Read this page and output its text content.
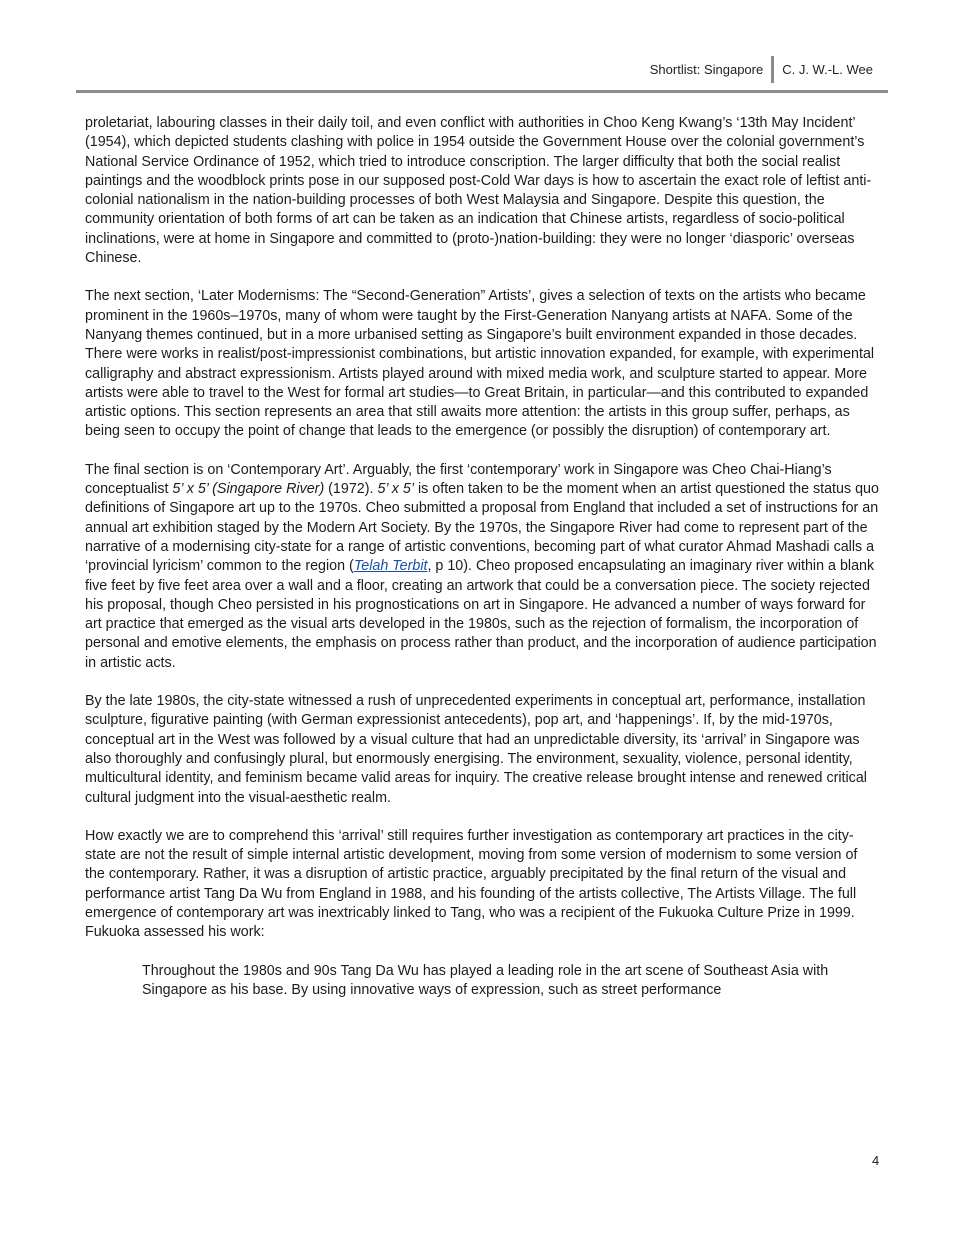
Shortlist: Singapore	C. J. W.-L. Wee

proletariat, labouring classes in their daily toil, and even conflict with authorities in Choo Keng Kwang’s ‘13th May Incident’ (1954), which depicted students clashing with police in 1954 outside the Government House over the colonial government’s National Service Ordinance of 1952, which tried to introduce conscription. The larger difficulty that both the social realist paintings and the woodblock prints pose in our supposed post-Cold War days is how to ascertain the exact role of leftist anti-colonial nationalism in the nation-building processes of both West Malaysia and Singapore. Despite this question, the community orientation of both forms of art can be taken as an indication that Chinese artists, regardless of socio-political inclinations, were at home in Singapore and committed to (proto-)nation-building: they were no longer ‘diasporic’ overseas Chinese.

The next section, ‘Later Modernisms: The “Second-Generation” Artists’, gives a selection of texts on the artists who became prominent in the 1960s–1970s, many of whom were taught by the First-Generation Nanyang artists at NAFA. Some of the Nanyang themes continued, but in a more urbanised setting as Singapore’s built environment expanded in those decades. There were works in realist/post-impressionist combinations, but artistic innovation expanded, for example, with experimental calligraphy and abstract expressionism. Artists played around with mixed media work, and sculpture started to appear. More artists were able to travel to the West for formal art studies—to Great Britain, in particular—and this contributed to expanded artistic options. This section represents an area that still awaits more attention: the artists in this group suffer, perhaps, as being seen to occupy the point of change that leads to the emergence (or possibly the disruption) of contemporary art.

The final section is on ‘Contemporary Art’. Arguably, the first ‘contemporary’ work in Singapore was Cheo Chai-Hiang’s conceptualist 5’ x 5’ (Singapore River) (1972). 5’ x 5’ is often taken to be the moment when an artist questioned the status quo definitions of Singapore art up to the 1970s. Cheo submitted a proposal from England that included a set of instructions for an annual art exhibition staged by the Modern Art Society. By the 1970s, the Singapore River had come to represent part of the narrative of a modernising city-state for a range of artistic conventions, becoming part of what curator Ahmad Mashadi calls a ‘provincial lyricism’ common to the region (Telah Terbit, p 10). Cheo proposed encapsulating an imaginary river within a blank five feet by five feet area over a wall and a floor, creating an artwork that could be a conversation piece. The society rejected his proposal, though Cheo persisted in his prognostications on art in Singapore. He advanced a number of ways forward for art practice that emerged as the visual arts developed in the 1980s, such as the rejection of formalism, the incorporation of personal and emotive elements, the emphasis on process rather than product, and the incorporation of audience participation in artistic acts.

By the late 1980s, the city-state witnessed a rush of unprecedented experiments in conceptual art, performance, installation sculpture, figurative painting (with German expressionist antecedents), pop art, and ‘happenings’. If, by the mid-1970s, conceptual art in the West was followed by a visual culture that had an unpredictable diversity, its ‘arrival’ in Singapore was also thoroughly and confusingly plural, but enormously energising. The environment, sexuality, violence, personal identity, multicultural identity, and feminism became valid areas for inquiry. The creative release brought intense and renewed critical cultural judgment into the visual-aesthetic realm.

How exactly we are to comprehend this ‘arrival’ still requires further investigation as contemporary art practices in the city-state are not the result of simple internal artistic development, moving from some version of modernism to some version of the contemporary. Rather, it was a disruption of artistic practice, arguably precipitated by the final return of the visual and performance artist Tang Da Wu from England in 1988, and his founding of the artists collective, The Artists Village. The full emergence of contemporary art was inextricably linked to Tang, who was a recipient of the Fukuoka Culture Prize in 1999. Fukuoka assessed his work:

Throughout the 1980s and 90s Tang Da Wu has played a leading role in the art scene of Southeast Asia with Singapore as his base. By using innovative ways of expression, such as street performance
4
